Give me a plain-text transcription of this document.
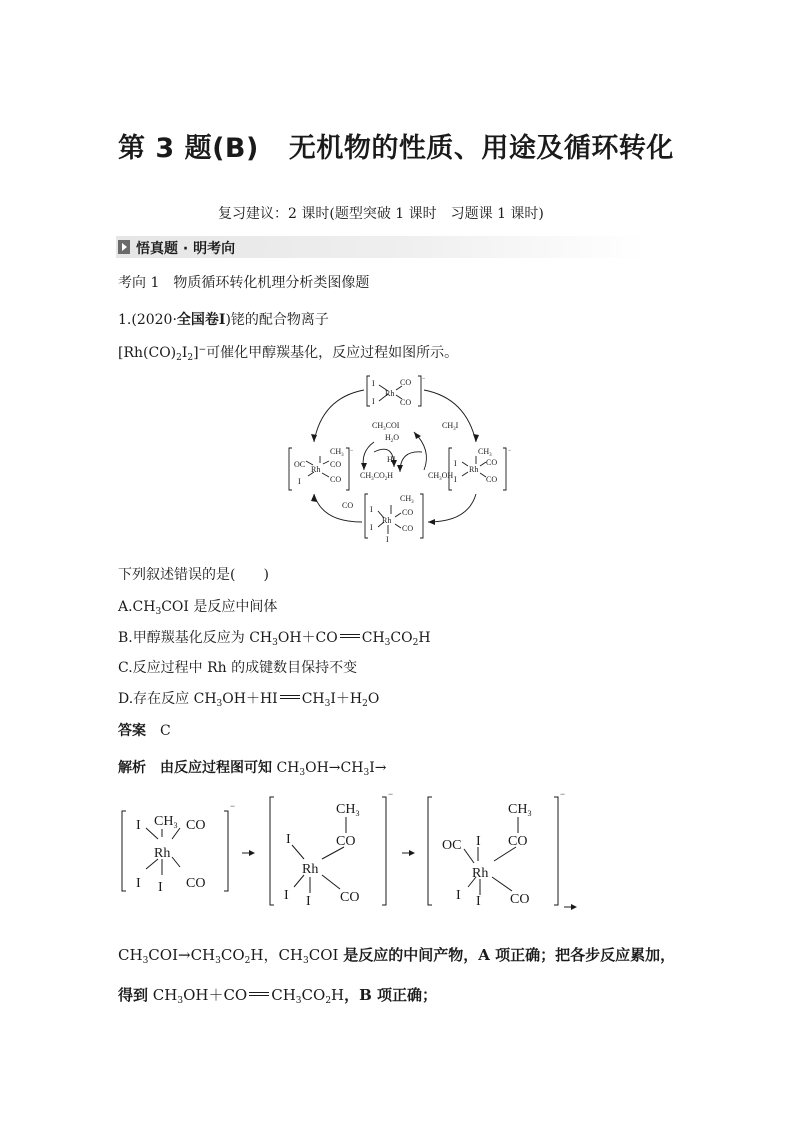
第 3 题(B) 无机物的性质、用途及循环转化
复习建议：2 课时(题型突破 1 课时　习题课 1 课时)
悟真题 · 明考向
考向 1　物质循环转化机理分析类图像题
1.(2020·全国卷Ⅰ)铑的配合物离子
$[Rh(CO)_2I_2]^-$可催化甲醇羰基化，反应过程如图所示。
I
Rh
CO
I	CO
−
OC
Rh
$CH_3$
CO
I	CO
−
I
Rh
$CH_3$
CO
I	CO
−
I
Rh
$CH_3$
CO
I	CO
I
CO
$CH_3COI$	$CH_3I$
$H_2O$
HI
$CH_3CO_2H$	$CH_3OH$
下列叙述错误的是(　　)
$A.CH_3COI$ 是反应中间体
B.甲醇羰基化反应为 $CH_3OH+CO$ $CH_3CO_2H$
C.反应过程中 Rh 的成键数目保持不变
D.存在反应 $CH_3OH+HI$ $CH_3I+H_2O$
答案　 C
解析　 由反应过程图可知 $CH_3OH\to CH_3I\to$
I $CH_3$ CO
−
Rh
I I CO
$CH_3$
−
CO
I
Rh
CO
I I
$CH_3$
−
CO
OC I
Rh
CO
I I
$CH_3COI\to CH_3CO_2H$，$CH_3COI$ 是反应的中间产物，A 项正确；把各步反应累加，
得到 $CH_3OH+CO$ $CH_3CO_2H$，B 项正确；
